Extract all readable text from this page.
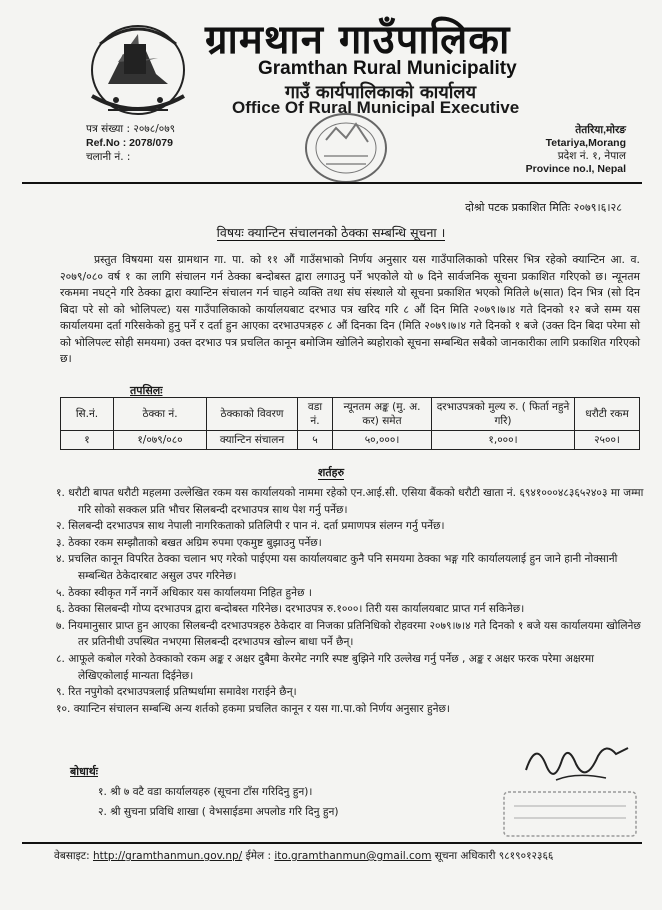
ग्रामथान गाउँपालिका
Gramthan Rural Municipality
गाउँ कार्यपालिकाको कार्यालय
Office Of Rural Municipal Executive
पत्र संख्या : २०७८/०७९
Ref.No : 2078/079
चलानी नं. :
तेतरिया,मोरङ
Tetariya,Morang
प्रदेश नं. १, नेपाल
Province no.I, Nepal
दोश्रो पटक प्रकाशित मितिः २०७९।६।२८
विषयः क्यान्टिन संचालनको ठेक्का सम्बन्धि सूचना ।

प्रस्तुत विषयमा यस ग्रामथान गा. पा. को ११ औं गाउँसभाको निर्णय अनुसार यस गाउँपालिकाको परिसर भित्र रहेको क्यान्टिन आ. व. २०७९/०८० वर्ष १ का लागि संचालन गर्न ठेक्का बन्दोबस्त द्वारा लगाउनु पर्ने भएकोले यो ७ दिने सार्वजनिक सूचना प्रकाशित गरिएको छ। न्यूनतम रकममा नघट्ने गरि ठेक्का द्वारा क्यान्टिन संचालन गर्न चाहने व्यक्ति तथा संघ संस्थाले यो सूचना प्रकाशित भएको मितिले ७(सात) दिन भित्र (सो दिन बिदा परे सो को भोलिपल्ट) यस गाउँपालिकाको कार्यालयबाट दरभाउ पत्र खरिद गरि ८ औं दिन मिति २०७९।७।४ गते दिनको १२ बजे सम्म यस कार्यालयमा दर्ता गरिसकेको हुनु पर्ने र दर्ता हुन आएका दरभाउपत्रहरु ८ औं दिनका दिन (मिति २०७९।७।४ गते दिनको १ बजे (उक्त दिन बिदा परेमा सो को भोलिपल्ट सोही समयमा) उक्त दरभाउ पत्र प्रचलित कानून बमोजिम खोलिने ब्यहोराको सूचना सम्बन्धित सबैको जानकारीका लागि प्रकाशित गरिएको छ।

तपसिलः
सि.नं.	ठेक्का नं.	ठेक्काको विवरण	वडा नं.	न्यूनतम अङ्क (मु. अ. कर) समेत	दरभाउपत्रको मुल्य रु. ( फिर्ता नहुने गरि)	धरौटी रकम
१	१/०७९/०८०	क्यान्टिन संचालन	५	५०,०००।	१,०००।	२५००।
शर्तहरु
१. धरौटी बापत धरौटी महलमा उल्लेखित रकम यस कार्यालयको नाममा रहेको एन.आई.सी. एसिया बैंकको धरौटी खाता नं. ६९४१०००४८३६५२४०३ मा जम्मा गरि सोको सक्कल प्रति भौचर सिलबन्दी दरभाउपत्र साथ पेश गर्नु पर्नेछ।
२. सिलबन्दी दरभाउपत्र साथ नेपाली नागरिकताको प्रतिलिपी र पान नं. दर्ता प्रमाणपत्र संलग्न गर्नु पर्नेछ।
३. ठेक्का रकम सम्झौताको बखत अग्रिम रुपमा एकमुष्ट बुझाउनु पर्नेछ।
४. प्रचलित कानून विपरित ठेक्का चलान भए गरेको पाईएमा यस कार्यालयबाट कुनै पनि समयमा ठेक्का भङ्ग गरि कार्यालयलाई हुन जाने हानी नोक्सानी सम्बन्धित ठेकेदारबाट असुल उपर गरिनेछ।
५. ठेक्का स्वीकृत गर्ने नगर्ने अधिकार यस कार्यालयमा निहित हुनेछ ।
६. ठेक्का सिलबन्दी गोप्य दरभाउपत्र द्वारा बन्दोबस्त गरिनेछ। दरभाउपत्र रु.१०००। तिरी यस कार्यालयबाट प्राप्त गर्न सकिनेछ।
७. नियमानुसार प्राप्त हुन आएका सिलबन्दी दरभाउपत्रहरु ठेकेदार वा निजका प्रतिनिधिको रोहवरमा २०७९।७।४ गते दिनको १ बजे यस कार्यालयमा खोलिनेछ तर प्रतिनीधी उपस्थित नभएमा सिलबन्दी दरभाउपत्र खोल्न बाधा पर्ने छैन्।
८. आफूले कबोल गरेको ठेक्काको रकम अङ्क र अक्षर दुबैमा केरमेट नगरि स्पष्ट बुझिने गरि उल्लेख गर्नु पर्नेछ , अङ्क र अक्षर फरक परेमा अक्षरमा लेखिएकोलाई मान्यता दिईनेछ।
९. रित नपुगेको दरभाउपत्रलाई प्रतिष्पर्धामा समावेश गराईने छैन्।
१०. क्यान्टिन संचालन सम्बन्धि अन्य शर्तको हकमा प्रचलित कानून र यस गा.पा.को निर्णय अनुसार हुनेछ।
बोधार्थः
१. श्री ७ वटै वडा कार्यालयहरु (सूचना टाँस गरिदिनु हुन)।
२. श्री सुचना प्रविधि शाखा ( वेभसाईडमा अपलोड गरि दिनु हुन)
वेबसाइट: http://gramthanmun.gov.np/ ईमेल : ito.gramthanmun@gmail.com सूचना अधिकारी ९८१९०१२३६६
